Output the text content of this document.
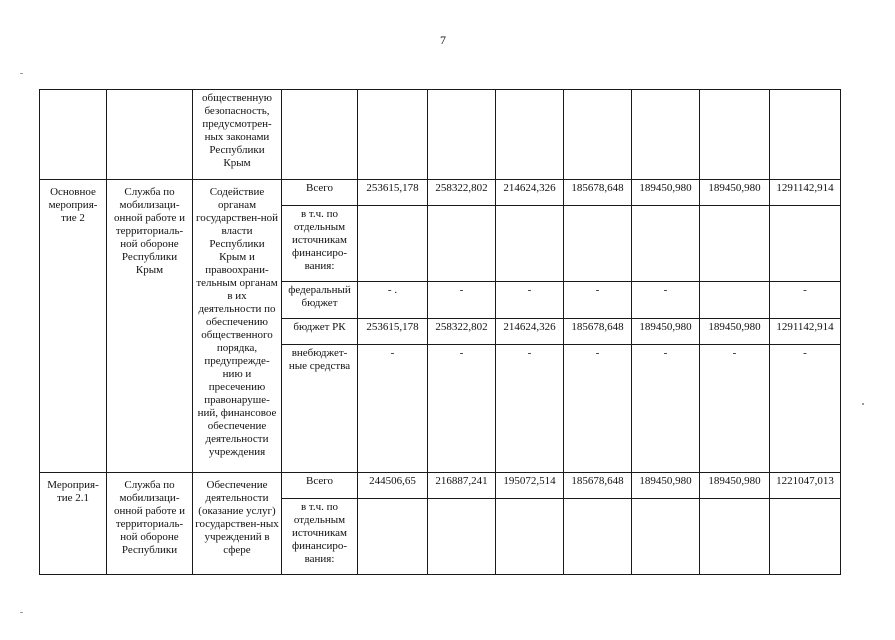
7
		общественную безопасность, предусмотрен-ных законами Республики Крым								
Основное мероприя-тие 2	Служба по мобилизаци-онной работе и территориаль-ной обороне Республики Крым	Содействие органам государствен-ной власти Республики Крым и правоохрани-тельным органам в их деятельности по обеспечению общественного порядка, предупрежде-нию и пресечению правонаруше-ний, финансовое обеспечение деятельности учреждения	Всего	253615,178	258322,802	214624,326	185678,648	189450,980	189450,980	1291142,914
			в т.ч. по отдельным источникам финансиро-вания:							
			федеральный бюджет	- .	-	-	-	-		-
			бюджет РК	253615,178	258322,802	214624,326	185678,648	189450,980	189450,980	1291142,914
			внебюджет-ные средства	-	-	-	-	-	-	-
Мероприя-тие 2.1	Служба по мобилизаци-онной работе и территориаль-ной обороне Республики	Обеспечение деятельности (оказание услуг) государствен-ных учреждений в сфере	Всего	244506,65	216887,241	195072,514	185678,648	189450,980	189450,980	1221047,013
			в т.ч. по отдельным источникам финансиро-вания:							
